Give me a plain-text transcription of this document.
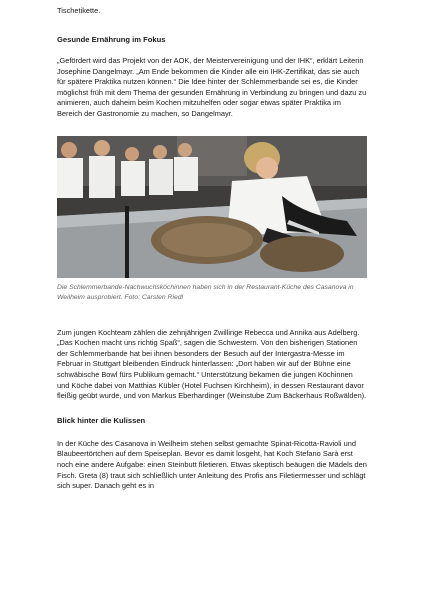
Tischetikette.
Gesunde Ernährung im Fokus

„Gefördert wird das Projekt von der AOK, der Meistervereinigung und der IHK“, erklärt Leiterin Josephine Dangelmayr. „Am Ende bekommen die Kinder alle ein IHK-Zertifikat, das sie auch für spätere Praktika nutzen können.“ Die Idee hinter der Schlemmerbande sei es, die Kinder möglichst früh mit dem Thema der gesunden Ernährung in Verbindung zu bringen und dazu zu animieren, auch daheim beim Kochen mitzuhelfen oder sogar etwas später Praktika im Bereich der Gastronomie zu machen, so Dangelmayr.

Die Schlemmerbande-Nachwuchsköchinnen haben sich in der Restaurant-Küche des Casanova in Weilheim ausprobiert. Foto: Carsten Riedl

Zum jungen Kochteam zählen die zehnjährigen Zwillinge Rebecca und Annika aus Adelberg. „Das Kochen macht uns richtig Spaß“, sagen die Schwestern. Von den bisherigen Stationen der Schlemmerbande hat bei ihnen besonders der Besuch auf der Intergastra-Messe im Februar in Stuttgart bleibenden Eindruck hinterlassen: „Dort haben wir auf der Bühne eine schwäbische Bowl fürs Publikum gemacht.“ Unterstützung bekamen die jungen Köchinnen und Köche dabei von Matthias Kübler (Hotel Fuchsen Kirchheim), in dessen Restaurant davor fleißig geübt wurde, und von Markus Eberhardinger (Weinstube Zum Bäckerhaus Roßwälden).

Blick hinter die Kulissen

In der Küche des Casanova in Weilheim stehen selbst gemachte Spinat-Ricotta-Ravioli und Blaubeertörtchen auf dem Speiseplan. Bevor es damit losgeht, hat Koch Stefano Sarà erst noch eine andere Aufgabe: einen Steinbutt filetieren. Etwas skeptisch beäugen die Mädels den Fisch. Greta (8) traut sich schließlich unter Anleitung des Profis ans Filetiermesser und schlägt sich super. Danach geht es in
